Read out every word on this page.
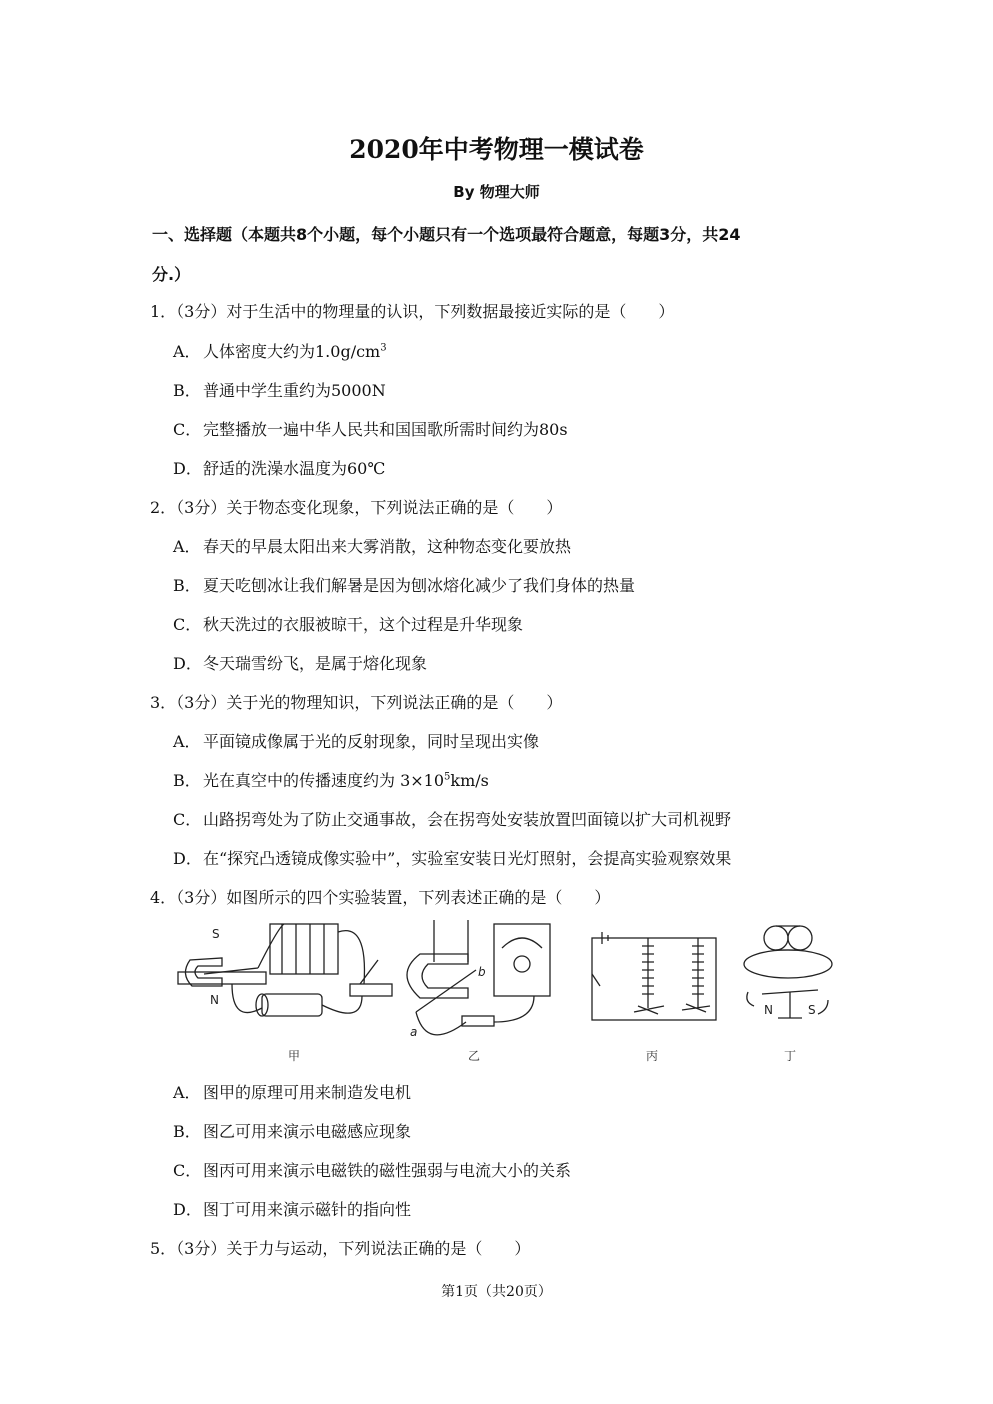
2020年中考物理一模试卷
By 物理大师
一、选择题（本题共8个小题，每个小题只有一个选项最符合题意，每题3分，共24
分.）
1．（3分）对于生活中的物理量的认识，下列数据最接近实际的是（　　）
A． 人体密度大约为$1.0g/cm^3$
B． 普通中学生重约为5000N
C． 完整播放一遍中华人民共和国国歌所需时间约为80s
D．舒适的洗澡水温度为60℃
2．（3分）关于物态变化现象，下列说法正确的是（　　）
A． 春天的早晨太阳出来大雾消散，这种物态变化要放热
B． 夏天吃刨冰让我们解暑是因为刨冰熔化减少了我们身体的热量
C． 秋天洗过的衣服被晾干，这个过程是升华现象
D．冬天瑞雪纷飞，是属于熔化现象
3．（3分）关于光的物理知识，下列说法正确的是（　　）
A． 平面镜成像属于光的反射现象，同时呈现出实像
B． 光在真空中的传播速度约为 $3\times 10^5km/s$
C． 山路拐弯处为了防止交通事故，会在拐弯处安装放置凹面镜以扩大司机视野
D．在“探究凸透镜成像实验中”，实验室安装日光灯照射，会提高实验观察效果
4．（3分）如图所示的四个实验装置，下列表述正确的是（　　）
S
N
a
b
N	S
甲	乙	丙	丁
A． 图甲的原理可用来制造发电机
B． 图乙可用来演示电磁感应现象
C． 图丙可用来演示电磁铁的磁性强弱与电流大小的关系
D．图丁可用来演示磁针的指向性
5．（3分）关于力与运动，下列说法正确的是（　　）
第1页（共20页）
